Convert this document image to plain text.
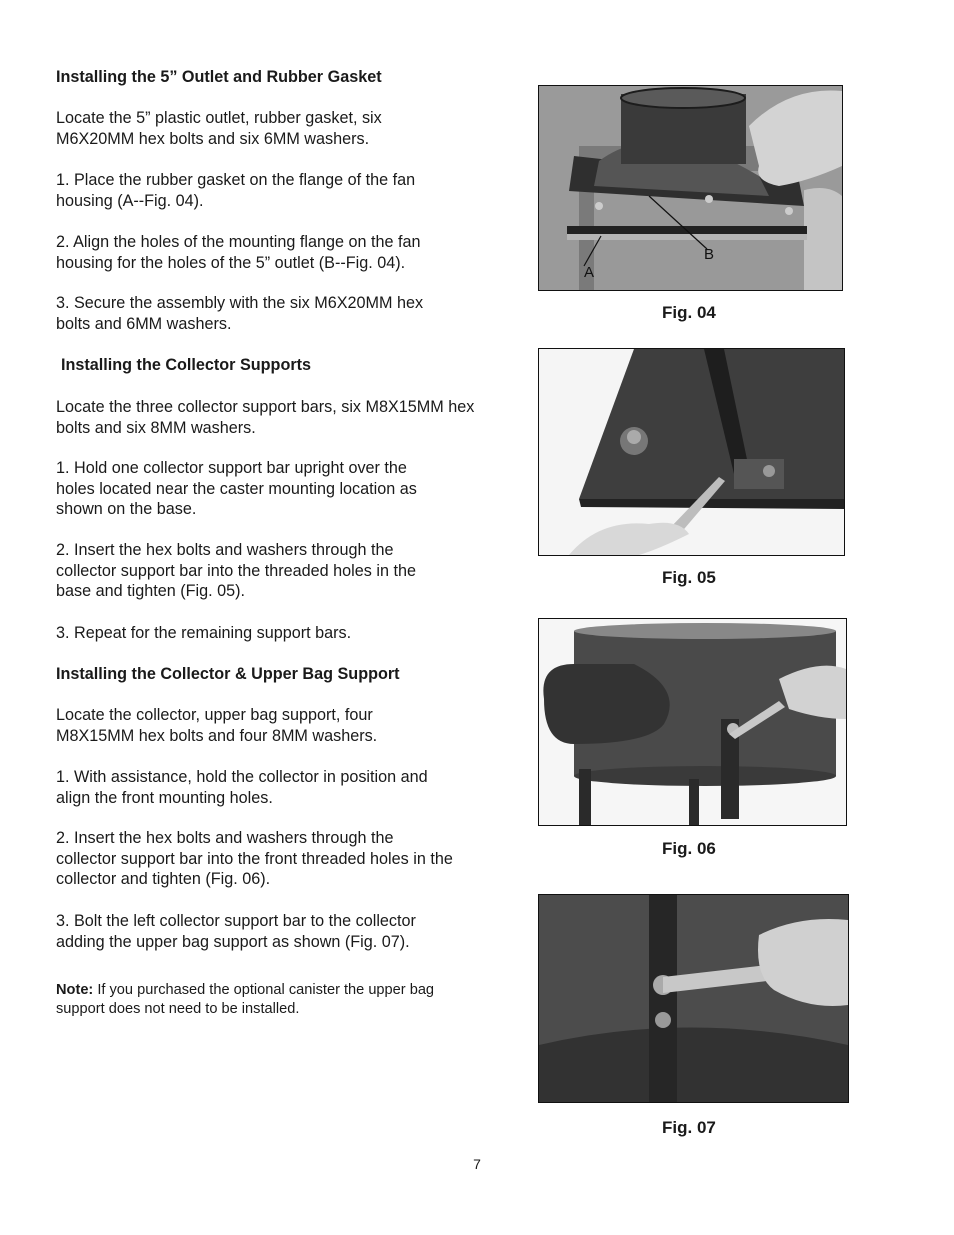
Installing the 5” Outlet and Rubber Gasket
Locate the 5” plastic outlet, rubber gasket, six M6X20MM hex bolts and six 6MM washers.
1. Place the rubber gasket on the flange of the fan housing (A--Fig. 04).
2. Align the holes of the mounting flange on the fan housing for the holes of the 5” outlet (B--Fig. 04).
3. Secure the assembly with the six M6X20MM hex bolts and 6MM washers.
Installing the Collector Supports
Locate the three collector support bars, six M8X15MM hex bolts and six 8MM washers.
1. Hold one collector support bar upright over the holes located near the caster mounting location as shown on the base.
2. Insert the hex bolts and washers through the collector support bar into the threaded holes in the base and tighten (Fig. 05).
3. Repeat for the remaining support bars.
Installing the Collector & Upper Bag Support
Locate the collector, upper bag support, four M8X15MM hex bolts and four 8MM washers.
1. With assistance, hold the collector in position and align the front mounting holes.
2. Insert the hex bolts and washers through the collector support bar into the front threaded holes in the collector and tighten (Fig. 06).
3. Bolt the left collector support bar to the collector adding the upper bag support as shown (Fig. 07).
Note: If you purchased the optional canister the upper bag support does not need to be installed.
A
B
Fig. 04
Fig. 05
Fig. 06
Fig. 07
7
